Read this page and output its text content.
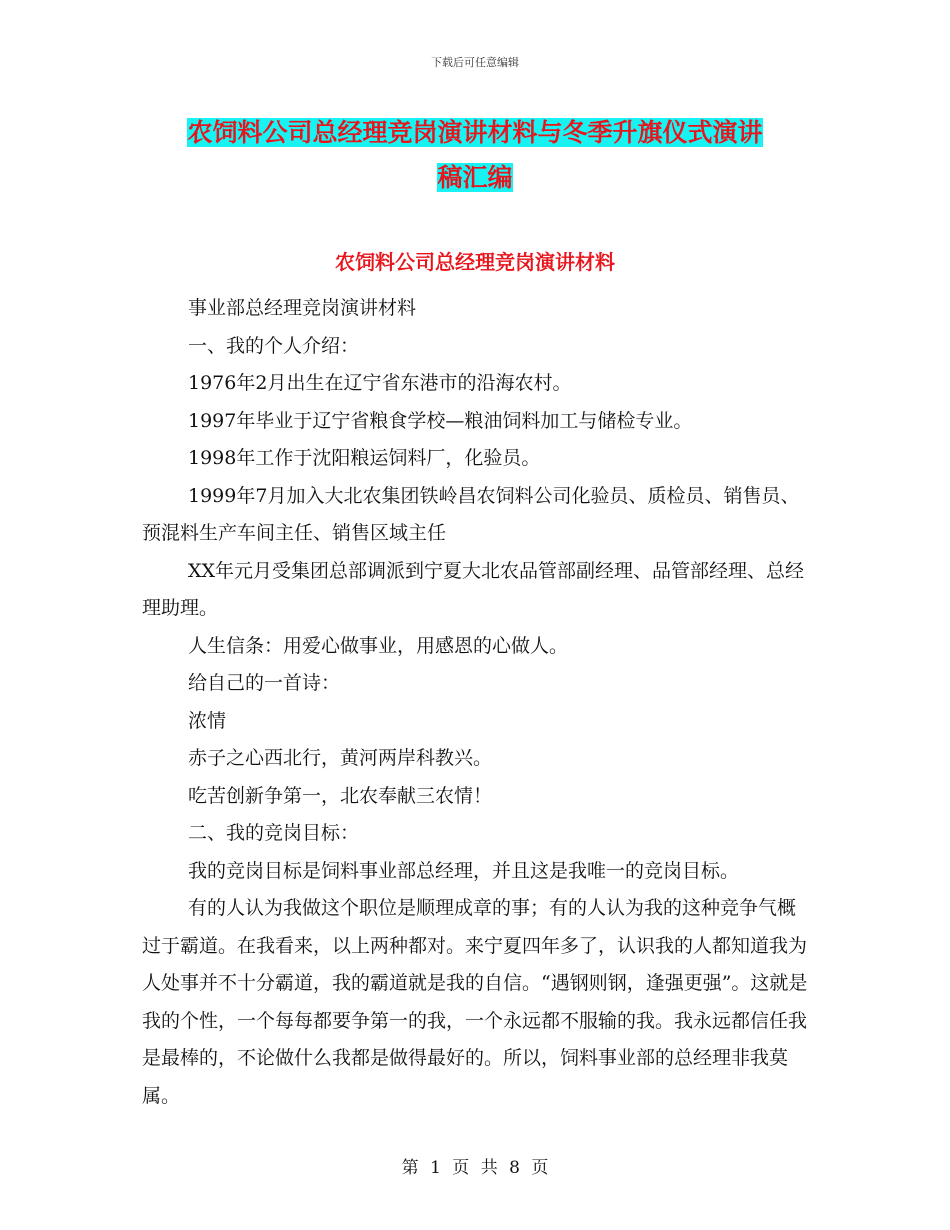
下载后可任意编辑
农饲料公司总经理竞岗演讲材料与冬季升旗仪式演讲
稿汇编
农饲料公司总经理竞岗演讲材料

事业部总经理竞岗演讲材料

一、我的个人介绍：

1976年2月出生在辽宁省东港市的沿海农村。

1997年毕业于辽宁省粮食学校—粮油饲料加工与储检专业。

1998年工作于沈阳粮运饲料厂，化验员。

1999年7月加入大北农集团铁岭昌农饲料公司化验员、质检员、销售员、预混料生产车间主任、销售区域主任

XX年元月受集团总部调派到宁夏大北农品管部副经理、品管部经理、总经理助理。

人生信条：用爱心做事业，用感恩的心做人。

给自己的一首诗：

浓情

赤子之心西北行，黄河两岸科教兴。

吃苦创新争第一，北农奉献三农情！

二、我的竞岗目标：

我的竞岗目标是饲料事业部总经理，并且这是我唯一的竞岗目标。

有的人认为我做这个职位是顺理成章的事；有的人认为我的这种竞争气概过于霸道。在我看来，以上两种都对。来宁夏四年多了，认识我的人都知道我为人处事并不十分霸道，我的霸道就是我的自信。“遇钢则钢，逢强更强”。这就是我的个性，一个每每都要争第一的我，一个永远都不服输的我。我永远都信任我是最棒的，不论做什么我都是做得最好的。所以，饲料事业部的总经理非我莫属。

第 1 页 共 8 页
